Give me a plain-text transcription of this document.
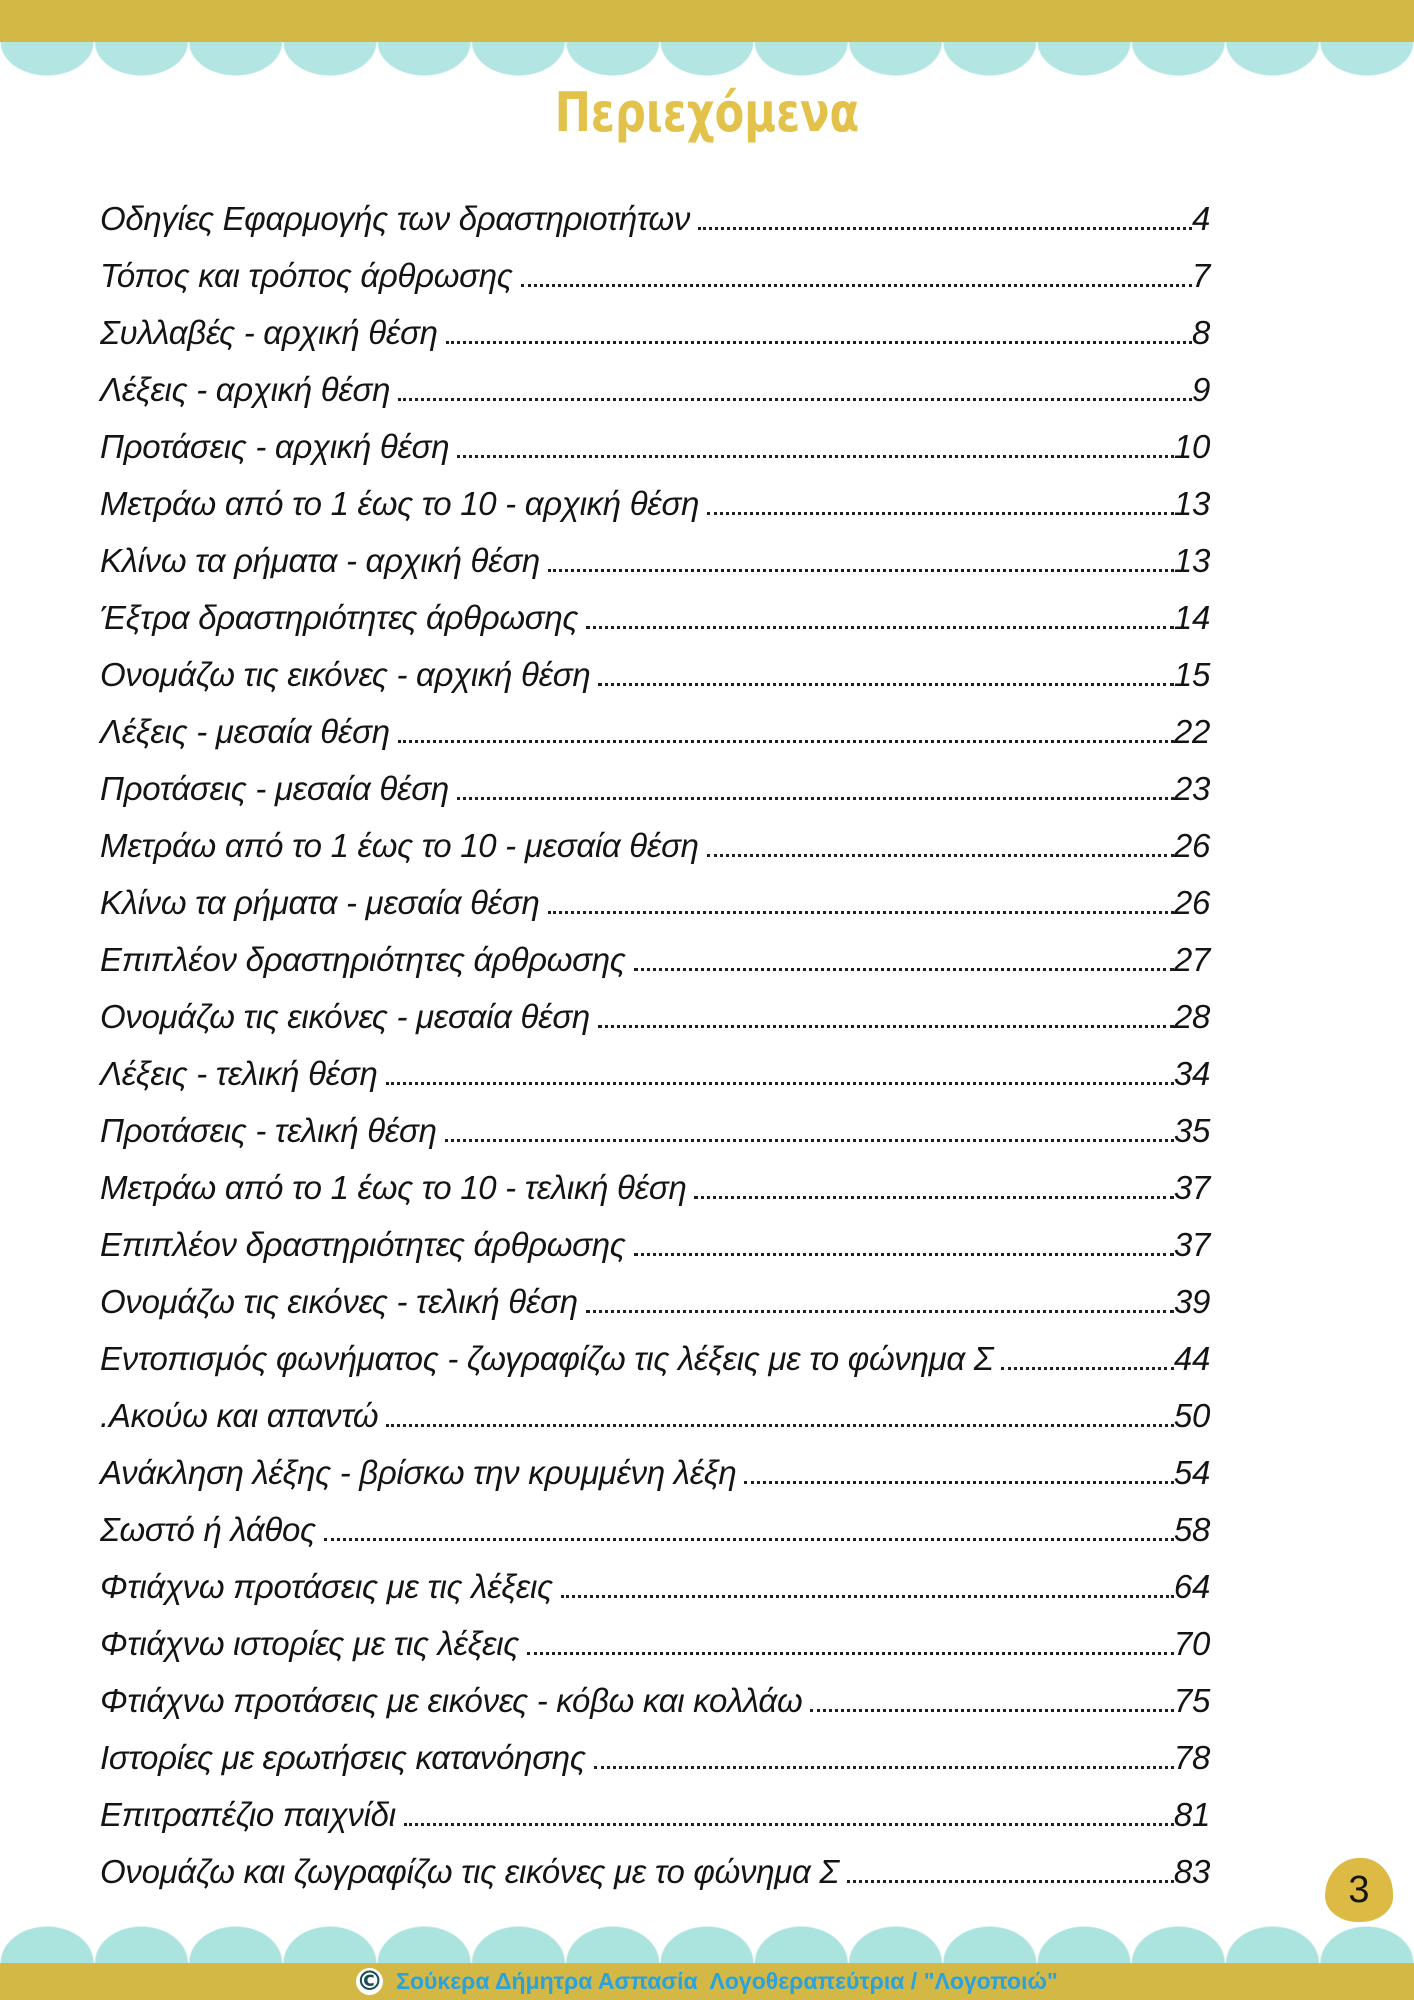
Περιεχόμενα
Οδηγίες Εφαρμογής των δραστηριοτήτων	4
Τόπος και τρόπος άρθρωσης	7
Συλλαβές - αρχική θέση	8
Λέξεις - αρχική θέση	9
Προτάσεις - αρχική θέση	10
Μετράω από το 1 έως το 10 - αρχική θέση	13
Κλίνω τα ρήματα - αρχική θέση	13
Έξτρα δραστηριότητες άρθρωσης	14
Ονομάζω τις εικόνες - αρχική θέση	15
Λέξεις - μεσαία θέση	22
Προτάσεις - μεσαία θέση	23
Μετράω από το 1 έως το 10 - μεσαία θέση	26
Κλίνω τα ρήματα - μεσαία θέση	26
Επιπλέον δραστηριότητες άρθρωσης	27
Ονομάζω τις εικόνες - μεσαία θέση	28
Λέξεις - τελική θέση	34
Προτάσεις - τελική θέση	35
Μετράω από το 1 έως το 10 - τελική θέση	37
Επιπλέον δραστηριότητες άρθρωσης	37
Ονομάζω τις εικόνες - τελική θέση	39
Εντοπισμός φωνήματος - ζωγραφίζω τις λέξεις με το φώνημα Σ	44
.Ακούω και απαντώ	50
Ανάκληση λέξης - βρίσκω την κρυμμένη λέξη	54
Σωστό ή λάθος	58
Φτιάχνω προτάσεις με τις λέξεις	64
Φτιάχνω ιστορίες με τις λέξεις	70
Φτιάχνω προτάσεις με εικόνες - κόβω και κολλάω	75
Ιστορίες με ερωτήσεις κατανόησης	78
Επιτραπέζιο παιχνίδι	81
Ονομάζω και ζωγραφίζω τις εικόνες με το φώνημα Σ	83	3
© Σούκερα Δήμητρα Ασπασία  Λογοθεραπεύτρια / "Λογοποιώ"
